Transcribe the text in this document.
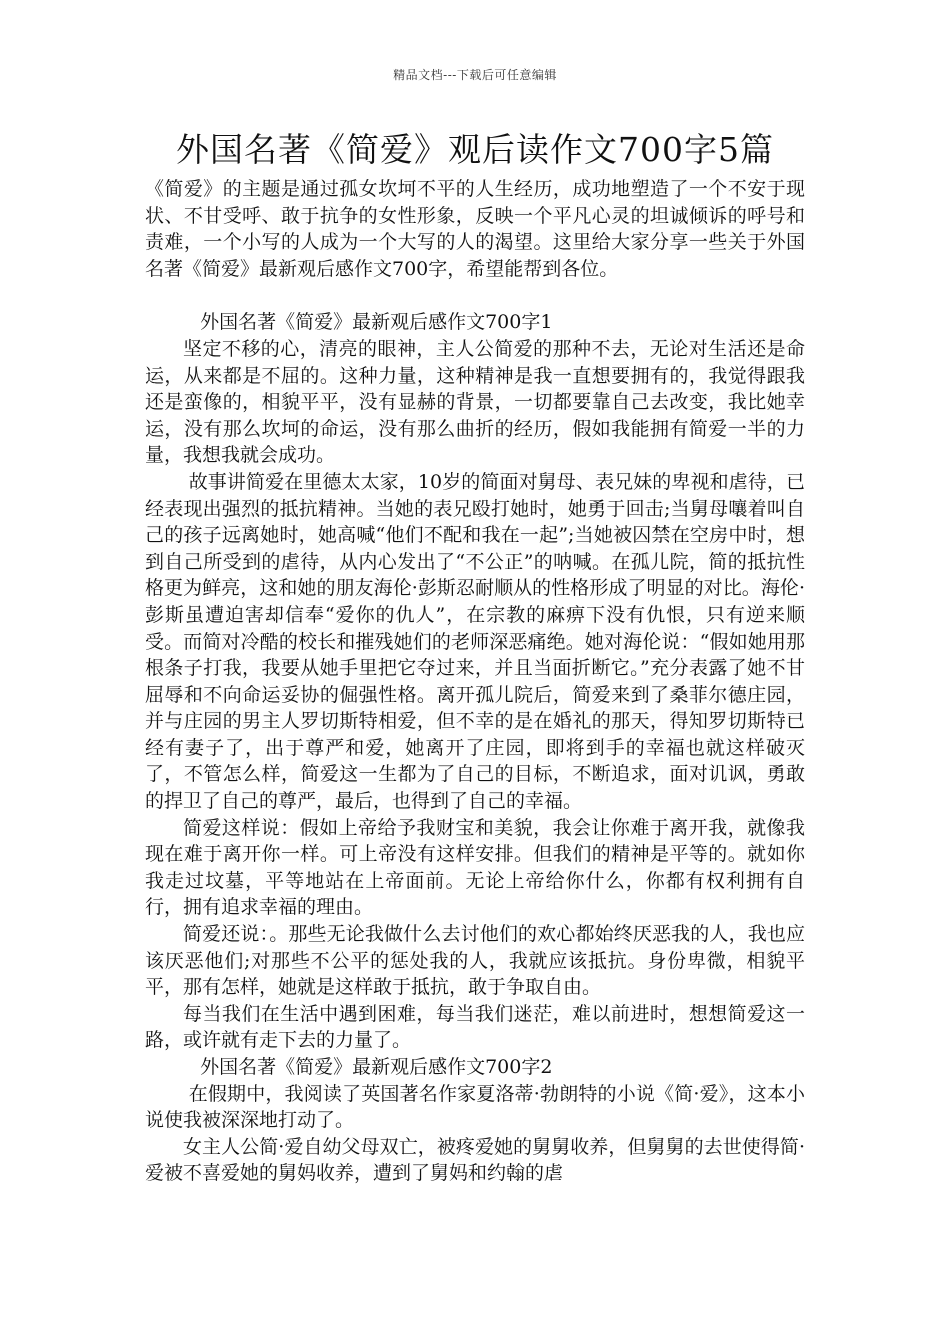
精品文档---下载后可任意编辑
外国名著《简爱》观后读作文700字5篇

《简爱》的主题是通过孤女坎坷不平的人生经历，成功地塑造了一个不安于现状、不甘受呼、敢于抗争的女性形象，反映一个平凡心灵的坦诚倾诉的呼号和责难，一个小写的人成为一个大写的人的渴望。这里给大家分享一些关于外国名著《简爱》最新观后感作文700字，希望能帮到各位。

外国名著《简爱》最新观后感作文700字1

坚定不移的心，清亮的眼神，主人公简爱的那种不去，无论对生活还是命运，从来都是不屈的。这种力量，这种精神是我一直想要拥有的，我觉得跟我还是蛮像的，相貌平平，没有显赫的背景，一切都要靠自己去改变，我比她幸运，没有那么坎坷的命运，没有那么曲折的经历，假如我能拥有简爱一半的力量，我想我就会成功。

故事讲简爱在里德太太家，10岁的简面对舅母、表兄妹的卑视和虐待，已经表现出强烈的抵抗精神。当她的表兄殴打她时，她勇于回击;当舅母嚷着叫自己的孩子远离她时，她高喊“他们不配和我在一起”;当她被囚禁在空房中时，想到自己所受到的虐待，从内心发出了“不公正”的呐喊。在孤儿院，简的抵抗性格更为鲜亮，这和她的朋友海伦·彭斯忍耐顺从的性格形成了明显的对比。海伦·彭斯虽遭迫害却信奉“爱你的仇人”，在宗教的麻痹下没有仇恨，只有逆来顺受。而简对冷酷的校长和摧残她们的老师深恶痛绝。她对海伦说：“假如她用那根条子打我，我要从她手里把它夺过来，并且当面折断它。”充分表露了她不甘屈辱和不向命运妥协的倔强性格。离开孤儿院后，简爱来到了桑菲尔德庄园，并与庄园的男主人罗切斯特相爱，但不幸的是在婚礼的那天，得知罗切斯特已经有妻子了，出于尊严和爱，她离开了庄园，即将到手的幸福也就这样破灭了，不管怎么样，简爱这一生都为了自己的目标，不断追求，面对讥讽，勇敢的捍卫了自己的尊严，最后，也得到了自己的幸福。

简爱这样说：假如上帝给予我财宝和美貌，我会让你难于离开我，就像我现在难于离开你一样。可上帝没有这样安排。但我们的精神是平等的。就如你我走过坟墓，平等地站在上帝面前。无论上帝给你什么，你都有权利拥有自行，拥有追求幸福的理由。

简爱还说：。那些无论我做什么去讨他们的欢心都始终厌恶我的人，我也应该厌恶他们;对那些不公平的惩处我的人，我就应该抵抗。身份卑微，相貌平平，那有怎样，她就是这样敢于抵抗，敢于争取自由。

每当我们在生活中遇到困难，每当我们迷茫，难以前进时，想想简爱这一路，或许就有走下去的力量了。

外国名著《简爱》最新观后感作文700字2

在假期中，我阅读了英国著名作家夏洛蒂·勃朗特的小说《简·爱》，这本小说使我被深深地打动了。

女主人公简·爱自幼父母双亡，被疼爱她的舅舅收养，但舅舅的去世使得简·爱被不喜爱她的舅妈收养，遭到了舅妈和约翰的虐
